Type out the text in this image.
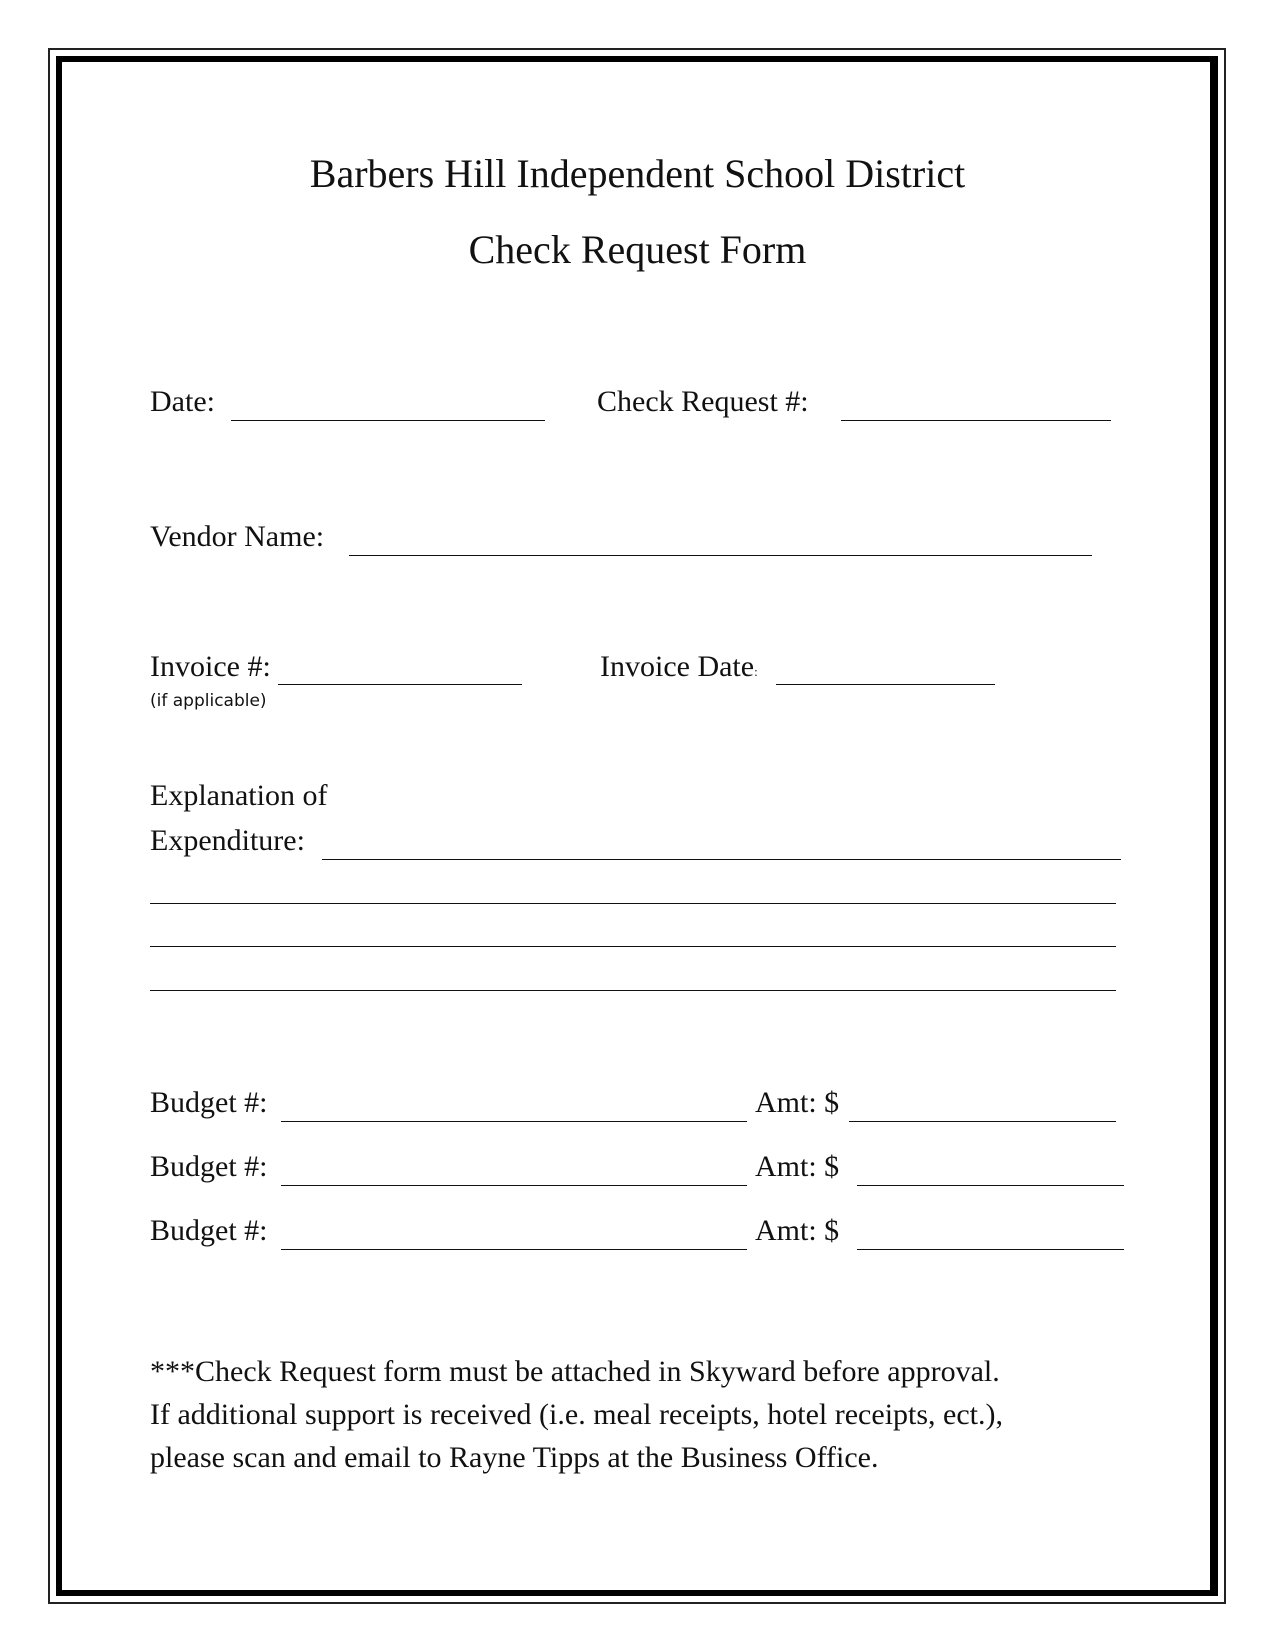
Barbers Hill Independent School District
Check Request Form
Date:	Check Request #:
Vendor Name:
Invoice #:
(if applicable)
Invoice Date:
Explanation of
Expenditure:
Budget #:	Amt: $
Budget #:	Amt: $
Budget #:	Amt: $
***Check Request form must be attached in Skyward before approval.
If additional support is received (i.e. meal receipts, hotel receipts, ect.),
please scan and email to Rayne Tipps at the Business Office.
